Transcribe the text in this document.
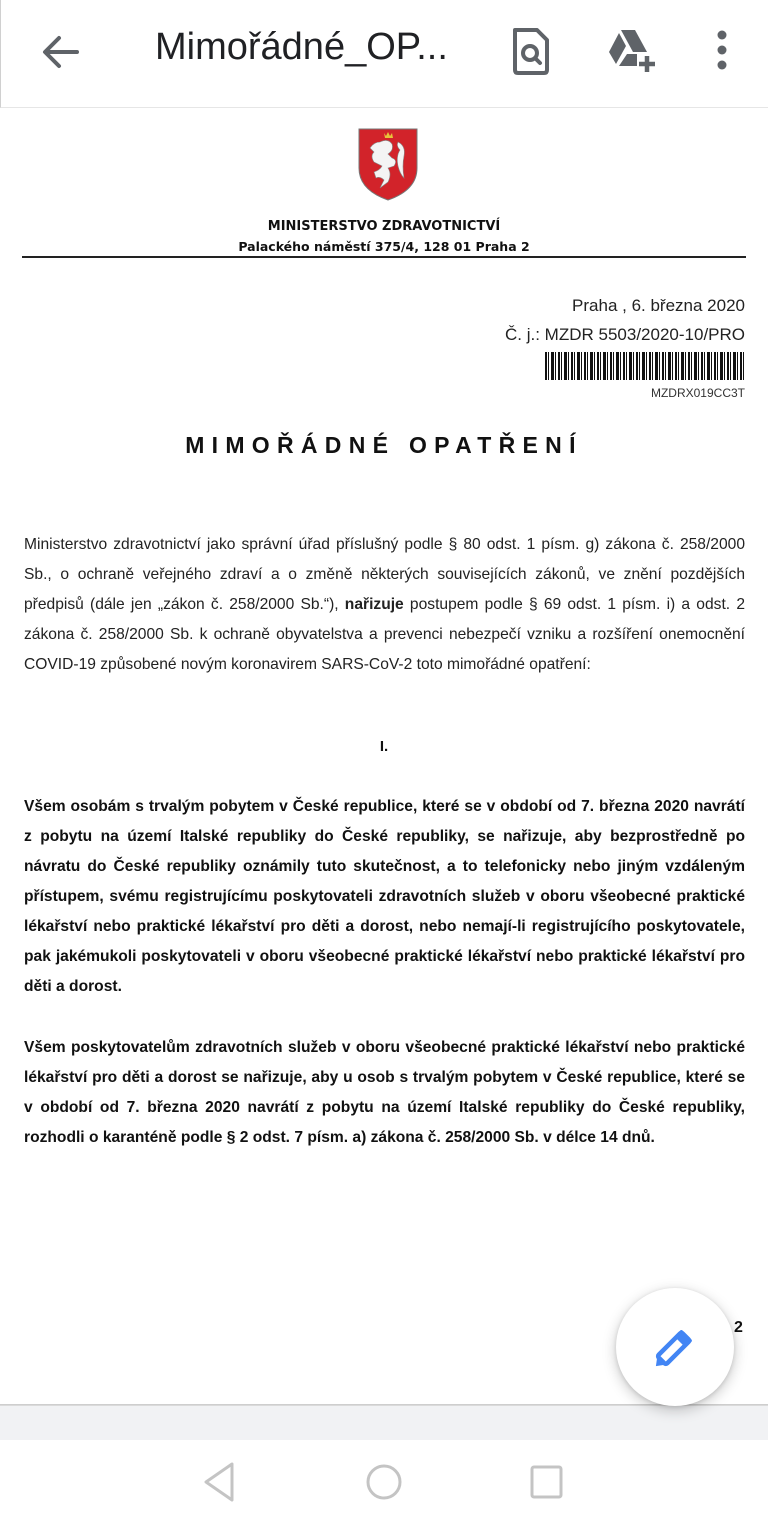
Mimořádné_OP...
MINISTERSTVO ZDRAVOTNICTVÍ
Palackého náměstí 375/4, 128 01 Praha 2
Praha , 6. března 2020
Č. j.: MZDR 5503/2020-10/PRO
MZDRX019CC3T
MIMOŘÁDNÉ OPATŘENÍ
Ministerstvo zdravotnictví jako správní úřad příslušný podle § 80 odst. 1 písm. g) zákona č. 258/2000 Sb., o ochraně veřejného zdraví a o změně některých souvisejících zákonů, ve znění pozdějších předpisů (dále jen „zákon č. 258/2000 Sb.“), nařizuje postupem podle § 69 odst. 1 písm. i) a odst. 2 zákona č. 258/2000 Sb. k ochraně obyvatelstva a prevenci nebezpečí vzniku a rozšíření onemocnění COVID-19 způsobené novým koronavirem SARS-CoV-2 toto mimořádné opatření:
I.
Všem osobám s trvalým pobytem v České republice, které se v období od 7. března 2020 navrátí z pobytu na území Italské republiky do České republiky, se nařizuje, aby bezprostředně po návratu do České republiky oznámily tuto skutečnost, a to telefonicky nebo jiným vzdáleným přístupem, svému registrujícímu poskytovateli zdravotních služeb v oboru všeobecné praktické lékařství nebo praktické lékařství pro děti a dorost, nebo nemají-li registrujícího poskytovatele, pak jakémukoli poskytovateli v oboru všeobecné praktické lékařství nebo praktické lékařství pro děti a dorost.
Všem poskytovatelům zdravotních služeb v oboru všeobecné praktické lékařství nebo praktické lékařství pro děti a dorost se nařizuje, aby u osob s trvalým pobytem v České republice, které se v období od 7. března 2020 navrátí z pobytu na území Italské republiky do České republiky, rozhodli o karanténě podle § 2 odst. 7 písm. a) zákona č. 258/2000 Sb. v délce 14 dnů.
2
